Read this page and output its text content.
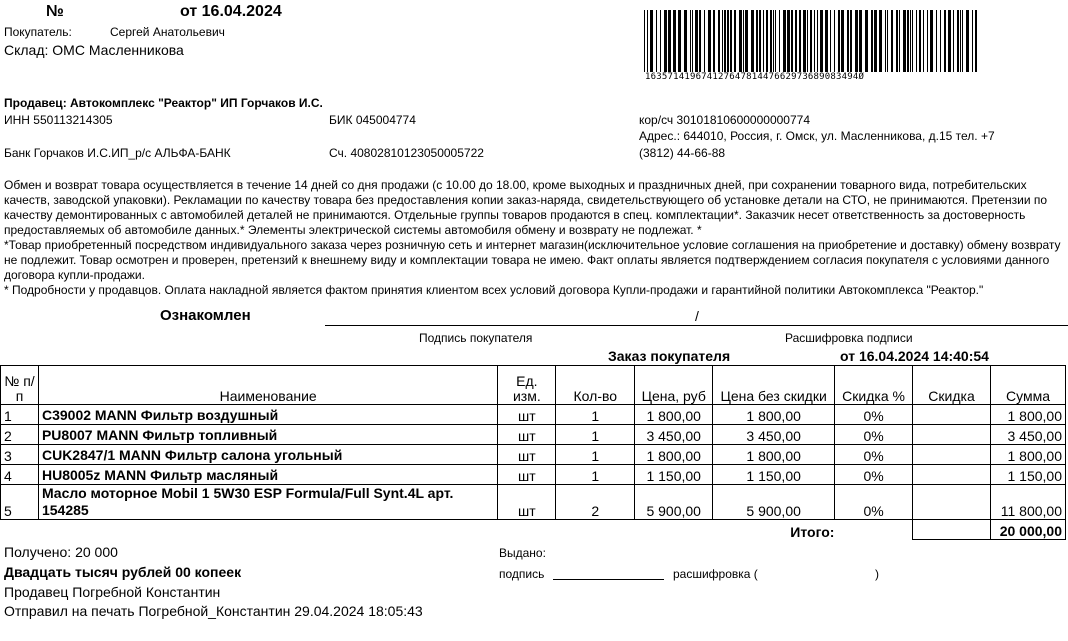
№	от 16.04.2024
Покупатель:	Сергей Анатольевич
Склад: ОМС Масленникова
16357141967412764781447662973689083494Ø
Продавец: Автокомплекс "Реактор" ИП Горчаков И.С.
ИНН 550113214305	БИК 045004774	кор/сч 30101810600000000774
Адрес.: 644010, Россия, г. Омск, ул. Масленникова, д.15 тел. +7
(3812) 44-66-88
Банк Горчаков И.С.ИП_р/с АЛЬФА-БАНК	Сч. 40802810123050005722

Обмен и возврат товара осуществляется в течение 14 дней со дня продажи (с 10.00 до 18.00, кроме выходных и праздничных дней, при сохранении товарного вида, потребительских качеств, заводской упаковки). Рекламации по качеству товара без предоставления копии заказ-наряда, свидетельствующего об установке детали на СТО, не принимаются. Претензии по качеству демонтированных с автомобилей деталей не принимаются. Отдельные группы товаров продаются в спец. комплектации*. Заказчик несет ответственность за достоверность предоставляемых об автомобиле данных.* Элементы электрической системы автомобиля обмену и возврату не подлежат. *

*Товар приобретенный посредством индивидуального заказа через розничную сеть и интернет магазин(исключительное условие соглашения на приобретение и доставку) обмену возврату не подлежит. Товар осмотрен и проверен, претензий к внешнему виду и комплектации товара не имею. Факт оплаты является подтверждением согласия покупателя с условиями данного договора купли-продажи.

* Подробности у продавцов. Оплата накладной является фактом принятия клиентом всех условий договора Купли-продажи и гарантийной политики Автокомплекса "Реактор."

Ознакомлен	/
Подпись покупателя	Расшифровка подписи
Заказ покупателя	от 16.04.2024 14:40:54
№ п/п	Наименование	Ед. изм.	Кол-во	Цена, руб	Цена без скидки	Скидка %	Скидка	Сумма
1	C39002 MANN Фильтр воздушный	шт	1	1 800,00	1 800,00	0%		1 800,00
2	PU8007 MANN Фильтр топливный	шт	1	3 450,00	3 450,00	0%		3 450,00
3	CUK2847/1 MANN Фильтр салона угольный	шт	1	1 800,00	1 800,00	0%		1 800,00
4	HU8005z MANN Фильтр масляный	шт	1	1 150,00	1 150,00	0%		1 150,00
5	Масло моторное Mobil 1 5W30 ESP Formula/Full Synt.4L арт. 154285	шт	2	5 900,00	5 900,00	0%		11 800,00
					Итого:			20 000,00
Получено: 20 000
Двадцать тысяч рублей 00 копеек
Продавец Погребной Константин
Отправил на печать Погребной_Константин 29.04.2024 18:05:43
Выдано:
подпись	расшифровка (	)
